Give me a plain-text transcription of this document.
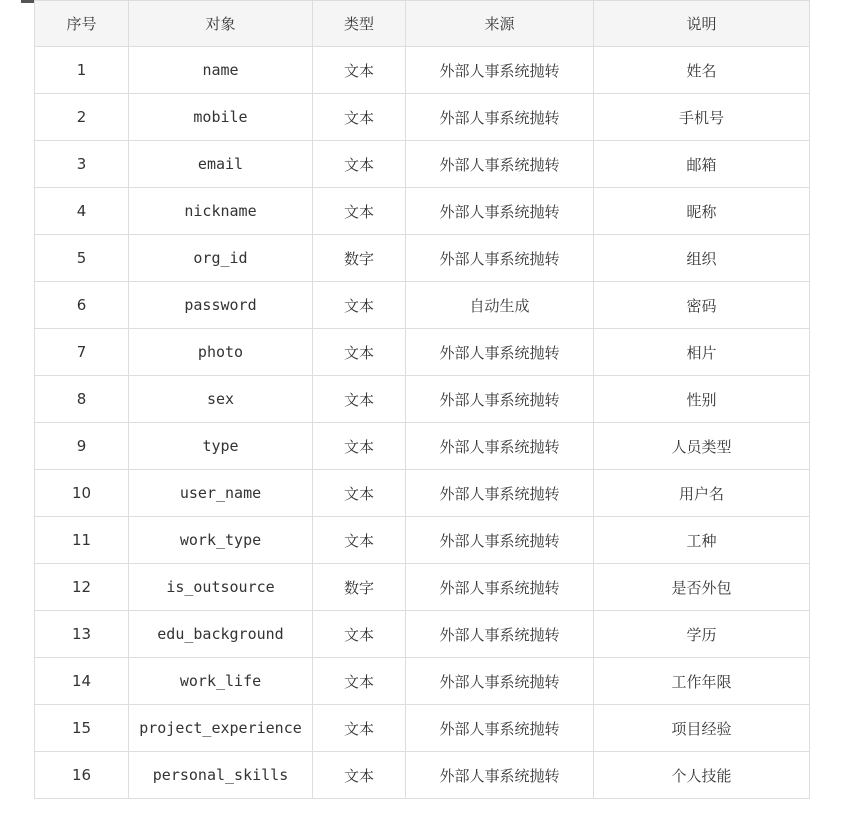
序号	对象	类型	来源	说明
1	name	文本	外部人事系统抛转	姓名
2	mobile	文本	外部人事系统抛转	手机号
3	email	文本	外部人事系统抛转	邮箱
4	nickname	文本	外部人事系统抛转	昵称
5	org_id	数字	外部人事系统抛转	组织
6	password	文本	自动生成	密码
7	photo	文本	外部人事系统抛转	相片
8	sex	文本	外部人事系统抛转	性别
9	type	文本	外部人事系统抛转	人员类型
10	user_name	文本	外部人事系统抛转	用户名
11	work_type	文本	外部人事系统抛转	工种
12	is_outsource	数字	外部人事系统抛转	是否外包
13	edu_background	文本	外部人事系统抛转	学历
14	work_life	文本	外部人事系统抛转	工作年限
15	project_experience	文本	外部人事系统抛转	项目经验
16	personal_skills	文本	外部人事系统抛转	个人技能
